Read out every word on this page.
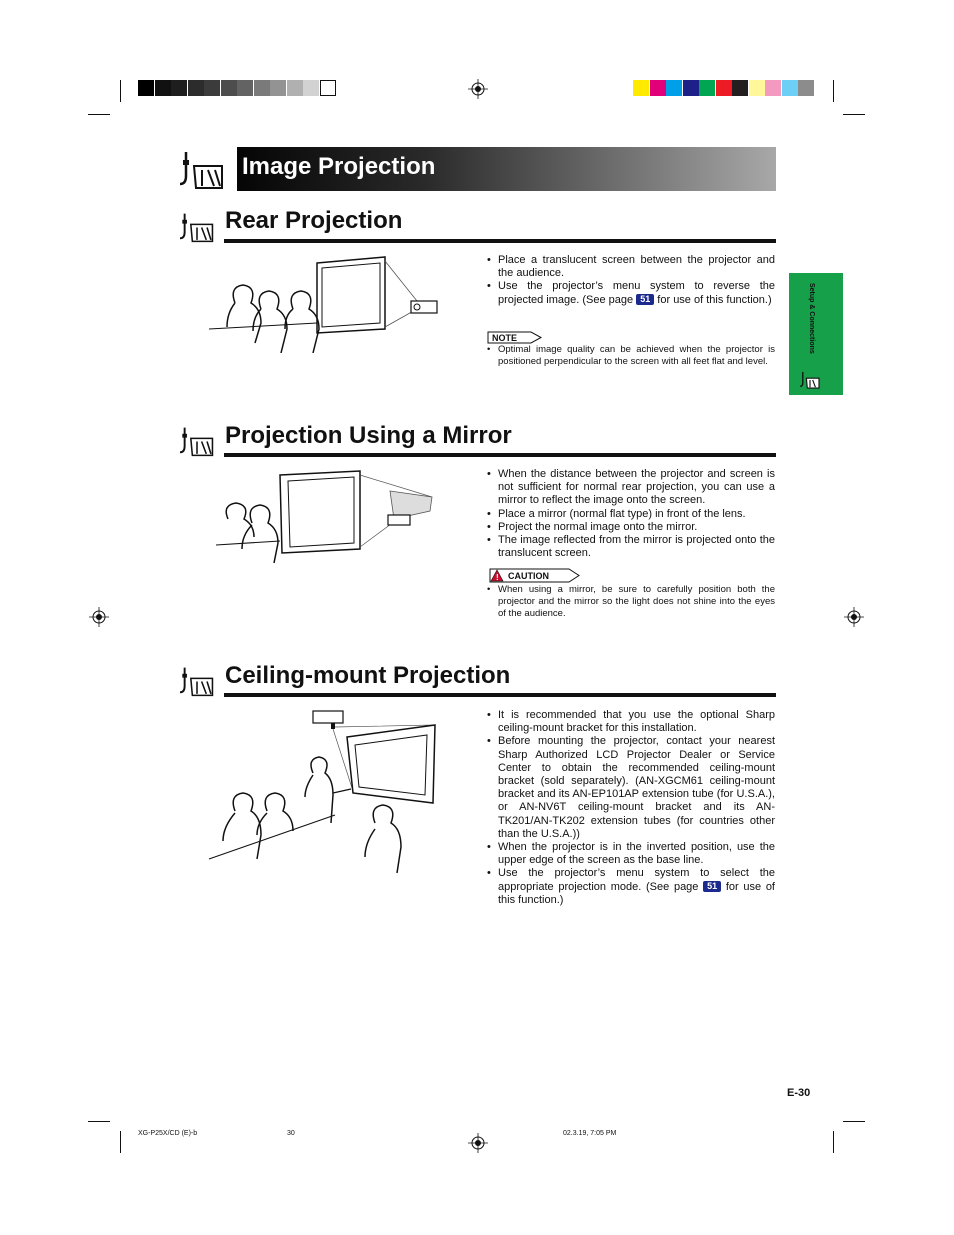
Image Projection
Rear Projection
• Place a translucent screen between the projector and the audience.
• Use the projector’s menu system to reverse the projected image. (See page 51 for use of this function.)
NOTE
• Optimal image quality can be achieved when the projector is positioned perpendicular to the screen with all feet flat and level.
Setup & Connections
Projection Using a Mirror
• When the distance between the projector and screen is not sufficient for normal rear projection, you can use a mirror to reflect the image onto the screen.
• Place a mirror (normal flat type) in front of the lens.
• Project the normal image onto the mirror.
• The image reflected from the mirror is projected onto the translucent screen.
! CAUTION
• When using a mirror, be sure to carefully position both the projector and the mirror so the light does not shine into the eyes of the audience.
Ceiling-mount Projection
• It is recommended that you use the optional Sharp ceiling-mount bracket for this installation.
• Before mounting the projector, contact your nearest Sharp Authorized LCD Projector Dealer or Service Center to obtain the recommended ceiling-mount bracket (sold separately). (AN-XGCM61 ceiling-mount bracket and its AN-EP101AP extension tube (for U.S.A.), or AN-NV6T ceiling-mount bracket and its AN-TK201/AN-TK202 extension tubes (for countries other than the U.S.A.))
• When the projector is in the inverted position, use the upper edge of the screen as the base line.
• Use the projector’s menu system to select the appropriate projection mode. (See page 51 for use of this function.)
E-30
XG-P25X/CD (E)-b	30	02.3.19, 7:05 PM
